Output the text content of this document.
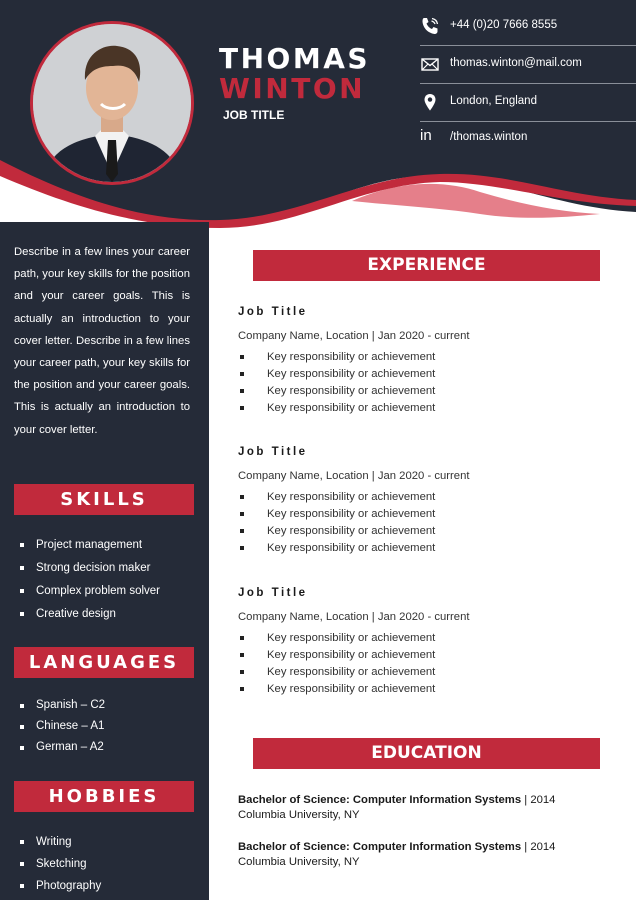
THOMAS
WINTON
JOB TITLE
+44 (0)20 7666 8555
thomas.winton@mail.com
London, England
in	/thomas.winton
Describe in a few lines your career path, your key skills for the position and your career goals. This is actually an introduction to your cover letter. Describe in a few lines your career path, your key skills for the position and your career goals. This is actually an introduction to your cover letter.
SKILLS
Project management
Strong decision maker
Complex problem solver
Creative design
LANGUAGES
Spanish – C2
Chinese – A1
German – A2
HOBBIES
Writing
Sketching
Photography
EXPERIENCE
Job Title
Company Name, Location | Jan 2020 - current
Key responsibility or achievement
Key responsibility or achievement
Key responsibility or achievement
Key responsibility or achievement
Job Title
Company Name, Location | Jan 2020 - current
Key responsibility or achievement
Key responsibility or achievement
Key responsibility or achievement
Key responsibility or achievement
Job Title
Company Name, Location | Jan 2020 - current
Key responsibility or achievement
Key responsibility or achievement
Key responsibility or achievement
Key responsibility or achievement
EDUCATION
Bachelor of Science: Computer Information Systems | 2014
Columbia University, NY
Bachelor of Science: Computer Information Systems | 2014
Columbia University, NY
